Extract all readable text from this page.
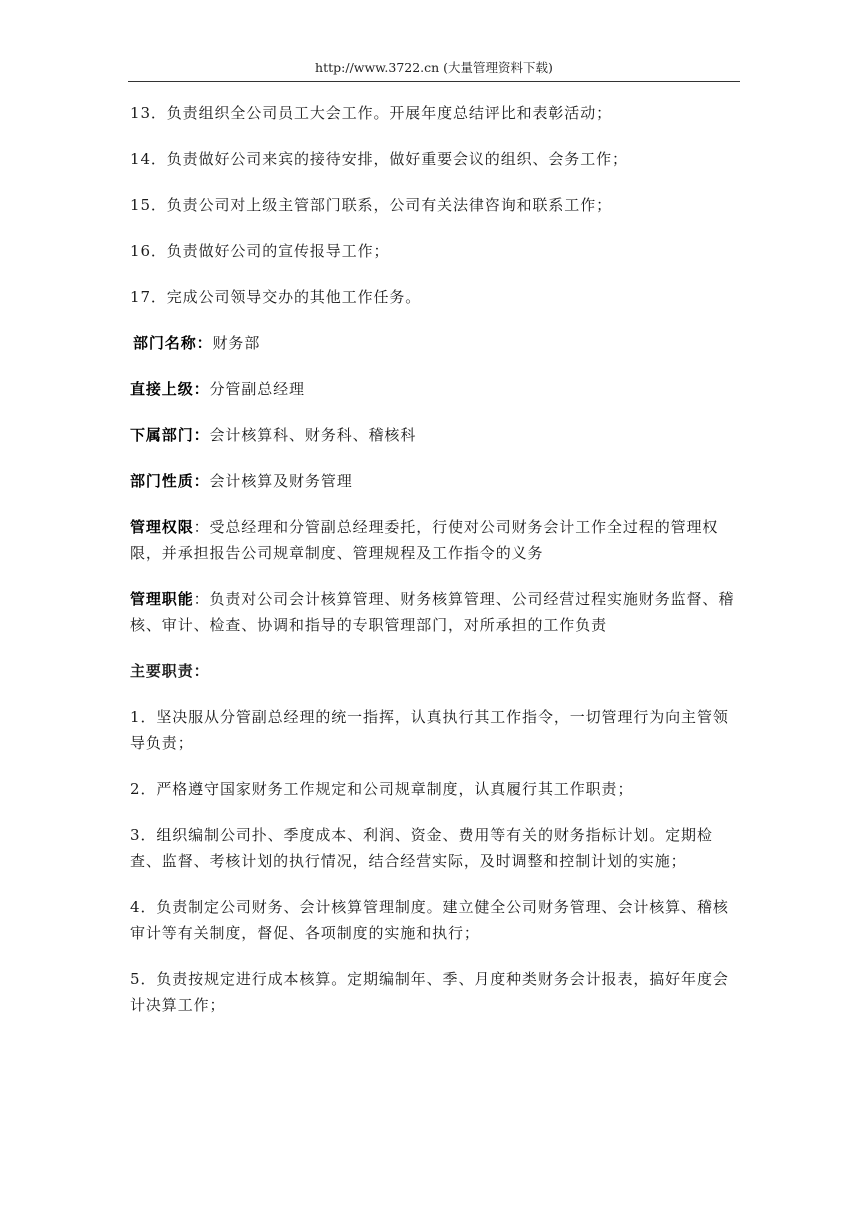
http://www.3722.cn (大量管理资料下载)

13．负责组织全公司员工大会工作。开展年度总结评比和表彰活动；

14．负责做好公司来宾的接待安排，做好重要会议的组织、会务工作；

15．负责公司对上级主管部门联系，公司有关法律咨询和联系工作；

16．负责做好公司的宣传报导工作；

17．完成公司领导交办的其他工作任务。

部门名称：财务部

直接上级：分管副总经理

下属部门：会计核算科、财务科、稽核科

部门性质：会计核算及财务管理

管理权限：受总经理和分管副总经理委托，行使对公司财务会计工作全过程的管理权限，并承担报告公司规章制度、管理规程及工作指令的义务

管理职能：负责对公司会计核算管理、财务核算管理、公司经营过程实施财务监督、稽核、审计、检查、协调和指导的专职管理部门，对所承担的工作负责

主要职责：

1．坚决服从分管副总经理的统一指挥，认真执行其工作指令，一切管理行为向主管领导负责；

2．严格遵守国家财务工作规定和公司规章制度，认真履行其工作职责；

3．组织编制公司扑、季度成本、利润、资金、费用等有关的财务指标计划。定期检查、监督、考核计划的执行情况，结合经营实际，及时调整和控制计划的实施；

4．负责制定公司财务、会计核算管理制度。建立健全公司财务管理、会计核算、稽核审计等有关制度，督促、各项制度的实施和执行；

5．负责按规定进行成本核算。定期编制年、季、月度种类财务会计报表，搞好年度会计决算工作；
